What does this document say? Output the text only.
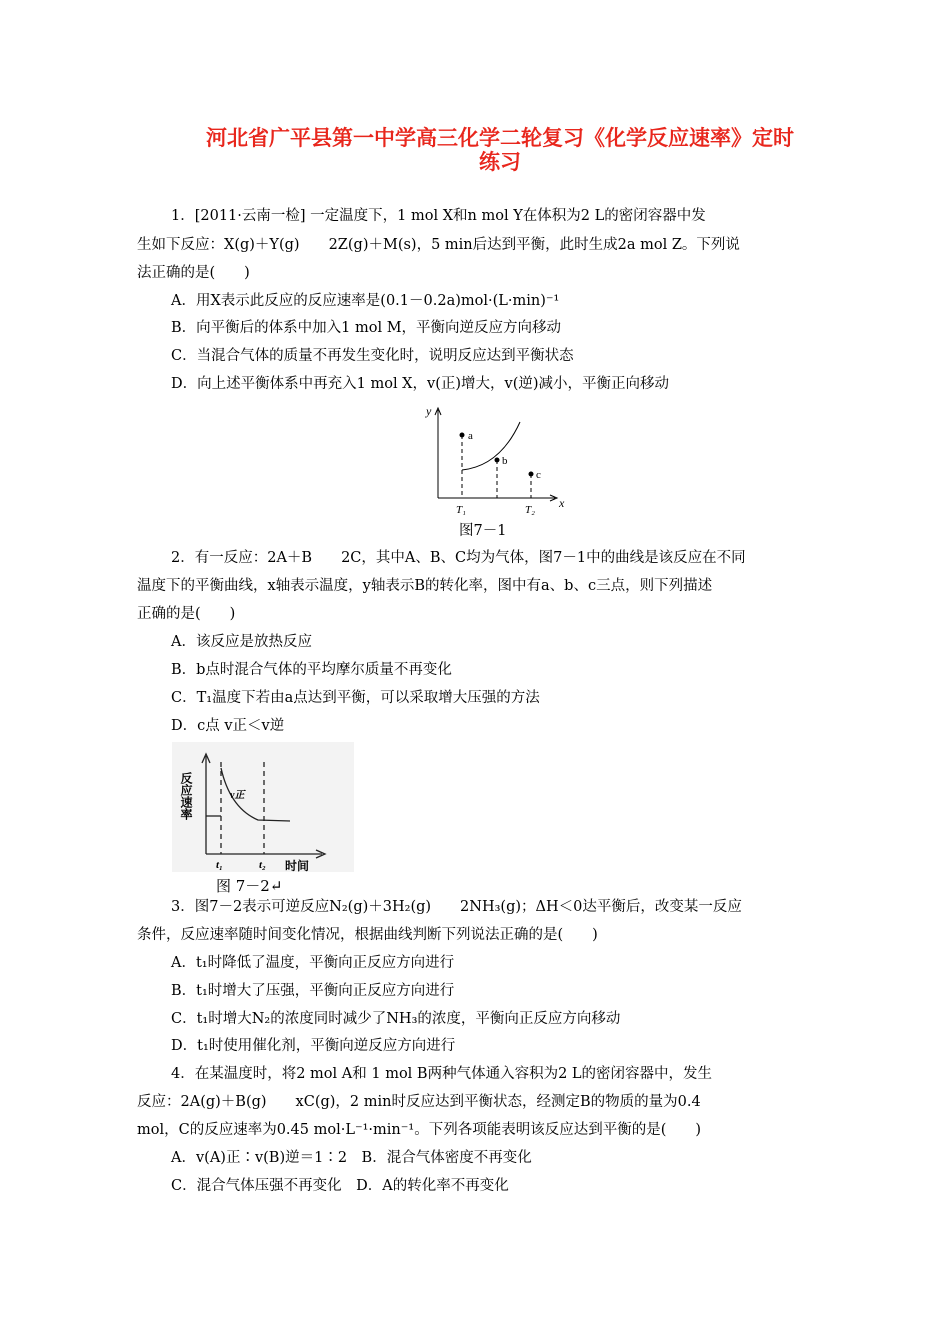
河北省广平县第一中学高三化学二轮复习《化学反应速率》定时
练习
1．[2011·云南一检] 一定温度下，1 mol X和n mol Y在体积为2 L的密闭容器中发
生如下反应：X(g)＋Y(g)　　2Z(g)＋M(s)，5 min后达到平衡，此时生成2a mol Z。下列说
法正确的是(　　)
A．用X表示此反应的反应速率是(0.1－0.2a)mol·(L·min)⁻¹
B．向平衡后的体系中加入1 mol M，平衡向逆反应方向移动
C．当混合气体的质量不再发生变化时，说明反应达到平衡状态
D．向上述平衡体系中再充入1 mol X，v(正)增大，v(逆)减小，平衡正向移动
y
x
a
b
c
T₁	T₂
图7－1
2．有一反应：2A＋B　　2C，其中A、B、C均为气体，图7－1中的曲线是该反应在不同
温度下的平衡曲线，x轴表示温度，y轴表示B的转化率，图中有a、b、c三点，则下列描述
正确的是(　　)
A．该反应是放热反应
B．b点时混合气体的平均摩尔质量不再变化
C．T₁温度下若由a点达到平衡，可以采取增大压强的方法
D．c点 v正＜v逆
反应速率	v正
t₁	t₂ 时间
图 7－2↵
3．图7－2表示可逆反应N₂(g)＋3H₂(g)　　2NH₃(g)；ΔH＜0达平衡后，改变某一反应
条件，反应速率随时间变化情况，根据曲线判断下列说法正确的是(　　)
A．t₁时降低了温度，平衡向正反应方向进行
B．t₁时增大了压强，平衡向正反应方向进行
C．t₁时增大N₂的浓度同时减少了NH₃的浓度，平衡向正反应方向移动
D．t₁时使用催化剂，平衡向逆反应方向进行
4．在某温度时，将2 mol A和 1 mol B两种气体通入容积为2 L的密闭容器中，发生
反应：2A(g)＋B(g)　　xC(g)，2 min时反应达到平衡状态，经测定B的物质的量为0.4
mol，C的反应速率为0.45 mol·L⁻¹·min⁻¹。下列各项能表明该反应达到平衡的是(　　)
A．v(A)正∶v(B)逆＝1∶2　B．混合气体密度不再变化
C．混合气体压强不再变化　D．A的转化率不再变化
